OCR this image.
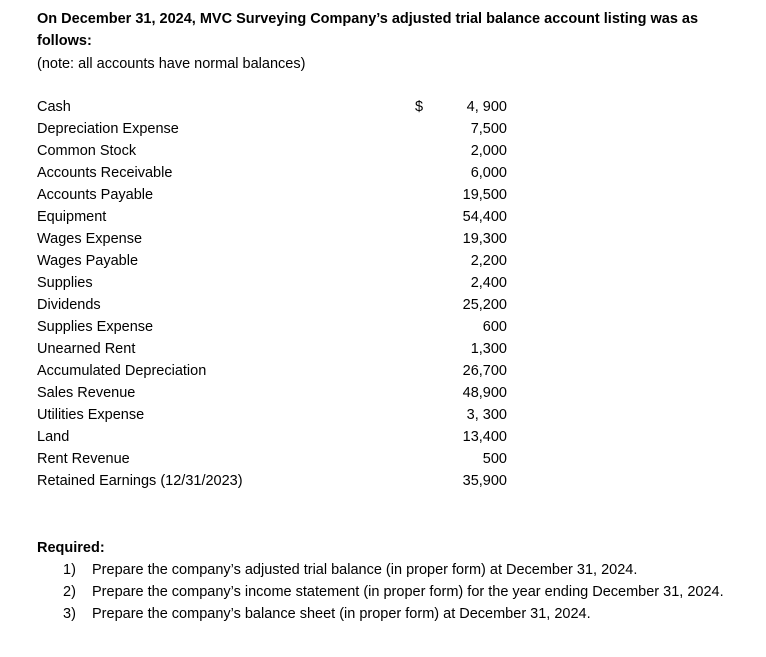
On December 31, 2024, MVC Surveying Company’s adjusted trial balance account listing was as follows:
(note: all accounts have normal balances)
Cash	$	4, 900
Depreciation Expense	7,500
Common Stock	2,000
Accounts Receivable	6,000
Accounts Payable	19,500
Equipment	54,400
Wages Expense	19,300
Wages Payable	2,200
Supplies	2,400
Dividends	25,200
Supplies Expense	600
Unearned Rent	1,300
Accumulated Depreciation	26,700
Sales Revenue	48,900
Utilities Expense	3, 300
Land	13,400
Rent Revenue	500
Retained Earnings (12/31/2023)	35,900
Required:
1) Prepare the company’s adjusted trial balance (in proper form) at December 31, 2024.
2) Prepare the company’s income statement (in proper form) for the year ending December 31, 2024.
3) Prepare the company’s balance sheet (in proper form) at December 31, 2024.
